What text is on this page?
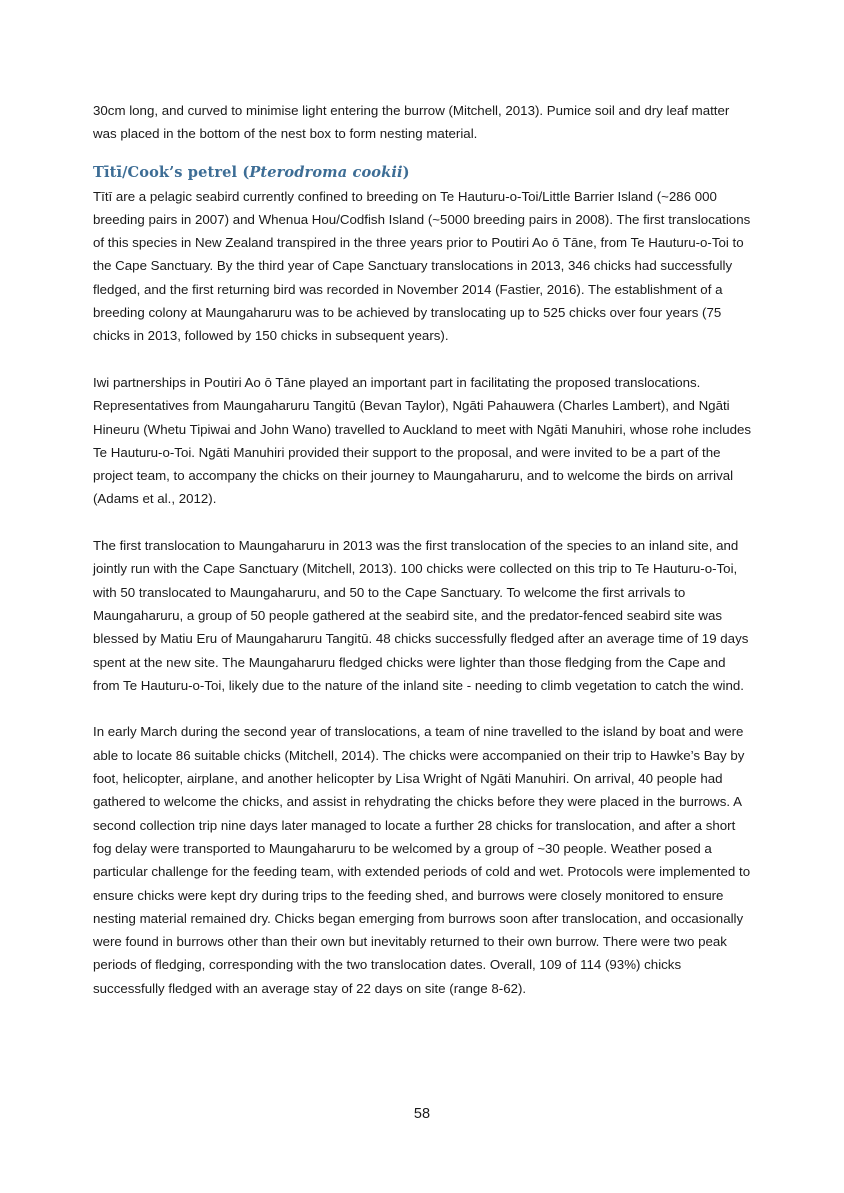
30cm long, and curved to minimise light entering the burrow (Mitchell, 2013). Pumice soil and dry leaf matter was placed in the bottom of the nest box to form nesting material.

Tītī/Cook’s petrel (Pterodroma cookii)

Tītī are a pelagic seabird currently confined to breeding on Te Hauturu-o-Toi/Little Barrier Island (~286 000 breeding pairs in 2007) and Whenua Hou/Codfish Island (~5000 breeding pairs in 2008). The first translocations of this species in New Zealand transpired in the three years prior to Poutiri Ao ō Tāne, from Te Hauturu-o-Toi to the Cape Sanctuary. By the third year of Cape Sanctuary translocations in 2013, 346 chicks had successfully fledged, and the first returning bird was recorded in November 2014 (Fastier, 2016). The establishment of a breeding colony at Maungaharuru was to be achieved by translocating up to 525 chicks over four years (75 chicks in 2013, followed by 150 chicks in subsequent years).

Iwi partnerships in Poutiri Ao ō Tāne played an important part in facilitating the proposed translocations. Representatives from Maungaharuru Tangitū (Bevan Taylor), Ngāti Pahauwera (Charles Lambert), and Ngāti Hineuru (Whetu Tipiwai and John Wano) travelled to Auckland to meet with Ngāti Manuhiri, whose rohe includes Te Hauturu-o-Toi. Ngāti Manuhiri provided their support to the proposal, and were invited to be a part of the project team, to accompany the chicks on their journey to Maungaharuru, and to welcome the birds on arrival (Adams et al., 2012).

The first translocation to Maungaharuru in 2013 was the first translocation of the species to an inland site, and jointly run with the Cape Sanctuary (Mitchell, 2013). 100 chicks were collected on this trip to Te Hauturu-o-Toi, with 50 translocated to Maungaharuru, and 50 to the Cape Sanctuary. To welcome the first arrivals to Maungaharuru, a group of 50 people gathered at the seabird site, and the predator-fenced seabird site was blessed by Matiu Eru of Maungaharuru Tangitū. 48 chicks successfully fledged after an average time of 19 days spent at the new site. The Maungaharuru fledged chicks were lighter than those fledging from the Cape and from Te Hauturu-o-Toi, likely due to the nature of the inland site - needing to climb vegetation to catch the wind.

In early March during the second year of translocations, a team of nine travelled to the island by boat and were able to locate 86 suitable chicks (Mitchell, 2014). The chicks were accompanied on their trip to Hawke’s Bay by foot, helicopter, airplane, and another helicopter by Lisa Wright of Ngāti Manuhiri. On arrival, 40 people had gathered to welcome the chicks, and assist in rehydrating the chicks before they were placed in the burrows. A second collection trip nine days later managed to locate a further 28 chicks for translocation, and after a short fog delay were transported to Maungaharuru to be welcomed by a group of ~30 people. Weather posed a particular challenge for the feeding team, with extended periods of cold and wet. Protocols were implemented to ensure chicks were kept dry during trips to the feeding shed, and burrows were closely monitored to ensure nesting material remained dry. Chicks began emerging from burrows soon after translocation, and occasionally were found in burrows other than their own but inevitably returned to their own burrow. There were two peak periods of fledging, corresponding with the two translocation dates. Overall, 109 of 114 (93%) chicks successfully fledged with an average stay of 22 days on site (range 8-62).

58
